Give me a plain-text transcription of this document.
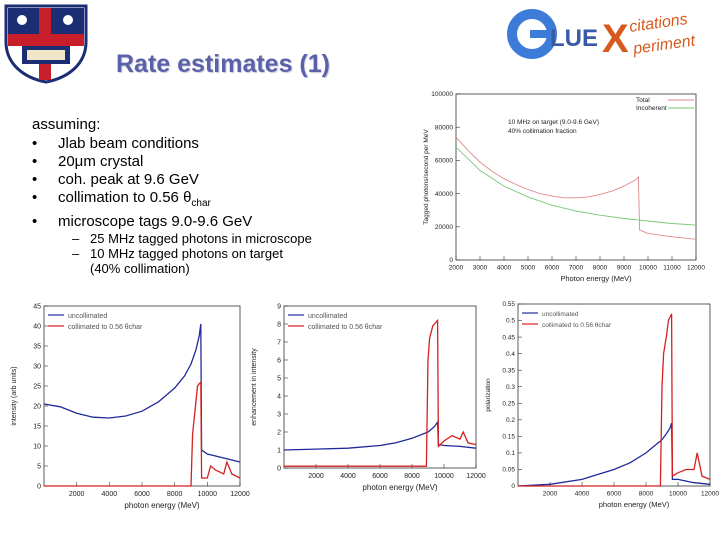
LUE X citations
periment
Rate estimates (1)
assuming:
• Jlab beam conditions
• 20μm crystal
• coh. peak at 9.6 GeV
• collimation to 0.56 $\theta_{char}$
• microscope tags 9.0-9.6 GeV
– 25 MHz tagged photons in microscope
– 10 MHz tagged photons on target
(40% collimation)	2000 3000 4000 5000 6000 7000 8000 9000 10000 11000 12000
0
20000
40000
60000
80000
100000
Photon energy (MeV)
Tagged photons/second per MeV
Total
Incoherent
10 MHz on target (9.0-9.6 GeV)
40% collimation fraction
2000 4000 6000 8000 10000 12000
0
5
10
15
20
25
30
35
40
45
photon energy (MeV)
intensity (arb units)
uncollimated
collimated to 0.56 θchar
2000 4000 6000 8000 10000 12000
0
1
2
3
4
5
6
7
8
9
photon energy (MeV)
enhancement in intensity
uncollimated
collimated to 0.56 θchar
2000	4000	6000	8000 10000 12000
0
0.05
0.1
0.15
0.2
0.25
0.3
0.35
0.4
0.45
0.5
0.55
photon energy (MeV)
polarization
uncollimated
collimated to 0.56 θchar
